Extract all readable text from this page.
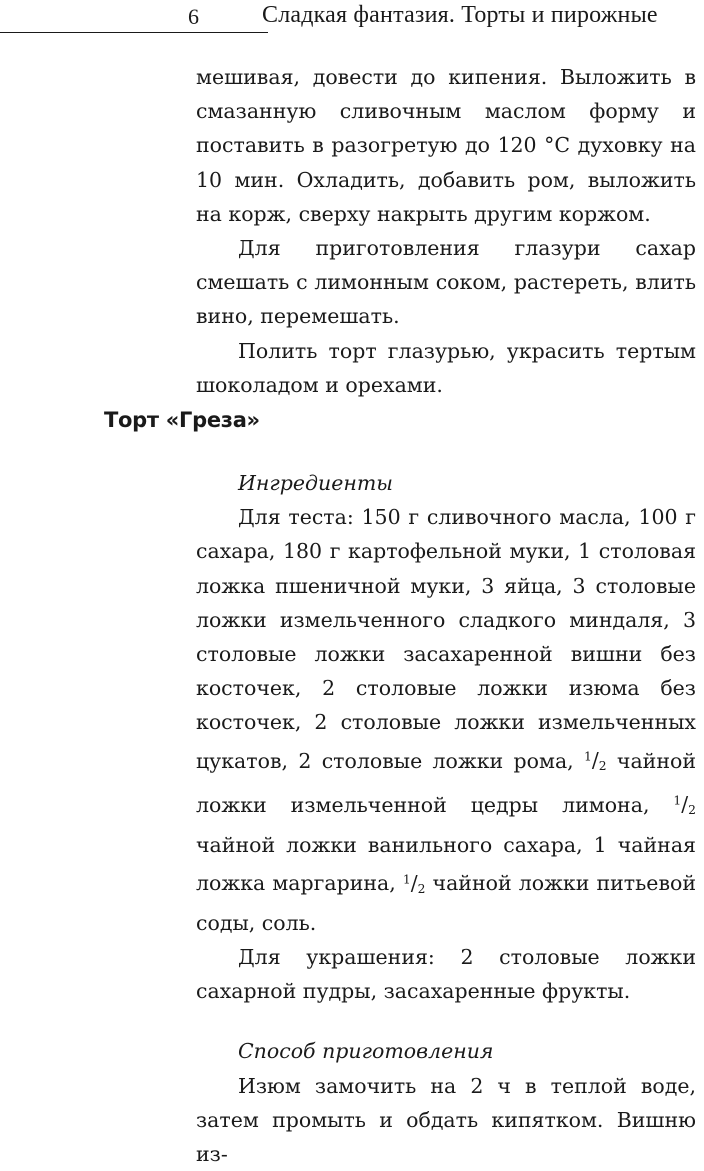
6	Сладкая фантазия. Торты и пирожные

мешивая, довести до кипения. Выложить в смазанную сливочным маслом форму и поставить в разогретую до 120 °С духовку на 10 мин. Охладить, добавить ром, выложить на корж, сверху накрыть другим коржом.

Для приготовления глазури сахар смешать с лимонным соком, растереть, влить вино, перемешать.

Полить торт глазурью, украсить тертым шоколадом и орехами.

Торт «Греза»

Ингредиенты

Для теста: 150 г сливочного масла, 100 г сахара, 180 г картофельной муки, 1 столовая ложка пшеничной муки, 3 яйца, 3 столовые ложки измельченного сладкого миндаля, 3 столовые ложки засахаренной вишни без косточек, 2 столовые ложки изюма без косточек, 2 столовые ложки измельченных цукатов, 2 столовые ложки рома, $^1/_2$ чайной ложки измельченной цедры лимона, $^1/_2$ чайной ложки ванильного сахара, 1 чайная ложка маргарина, $^1/_2$ чайной ложки питьевой соды, соль.

Для украшения: 2 столовые ложки сахарной пудры, засахаренные фрукты.

Способ приготовления

Изюм замочить на 2 ч в теплой воде, затем промыть и обдать кипятком. Вишню из-
